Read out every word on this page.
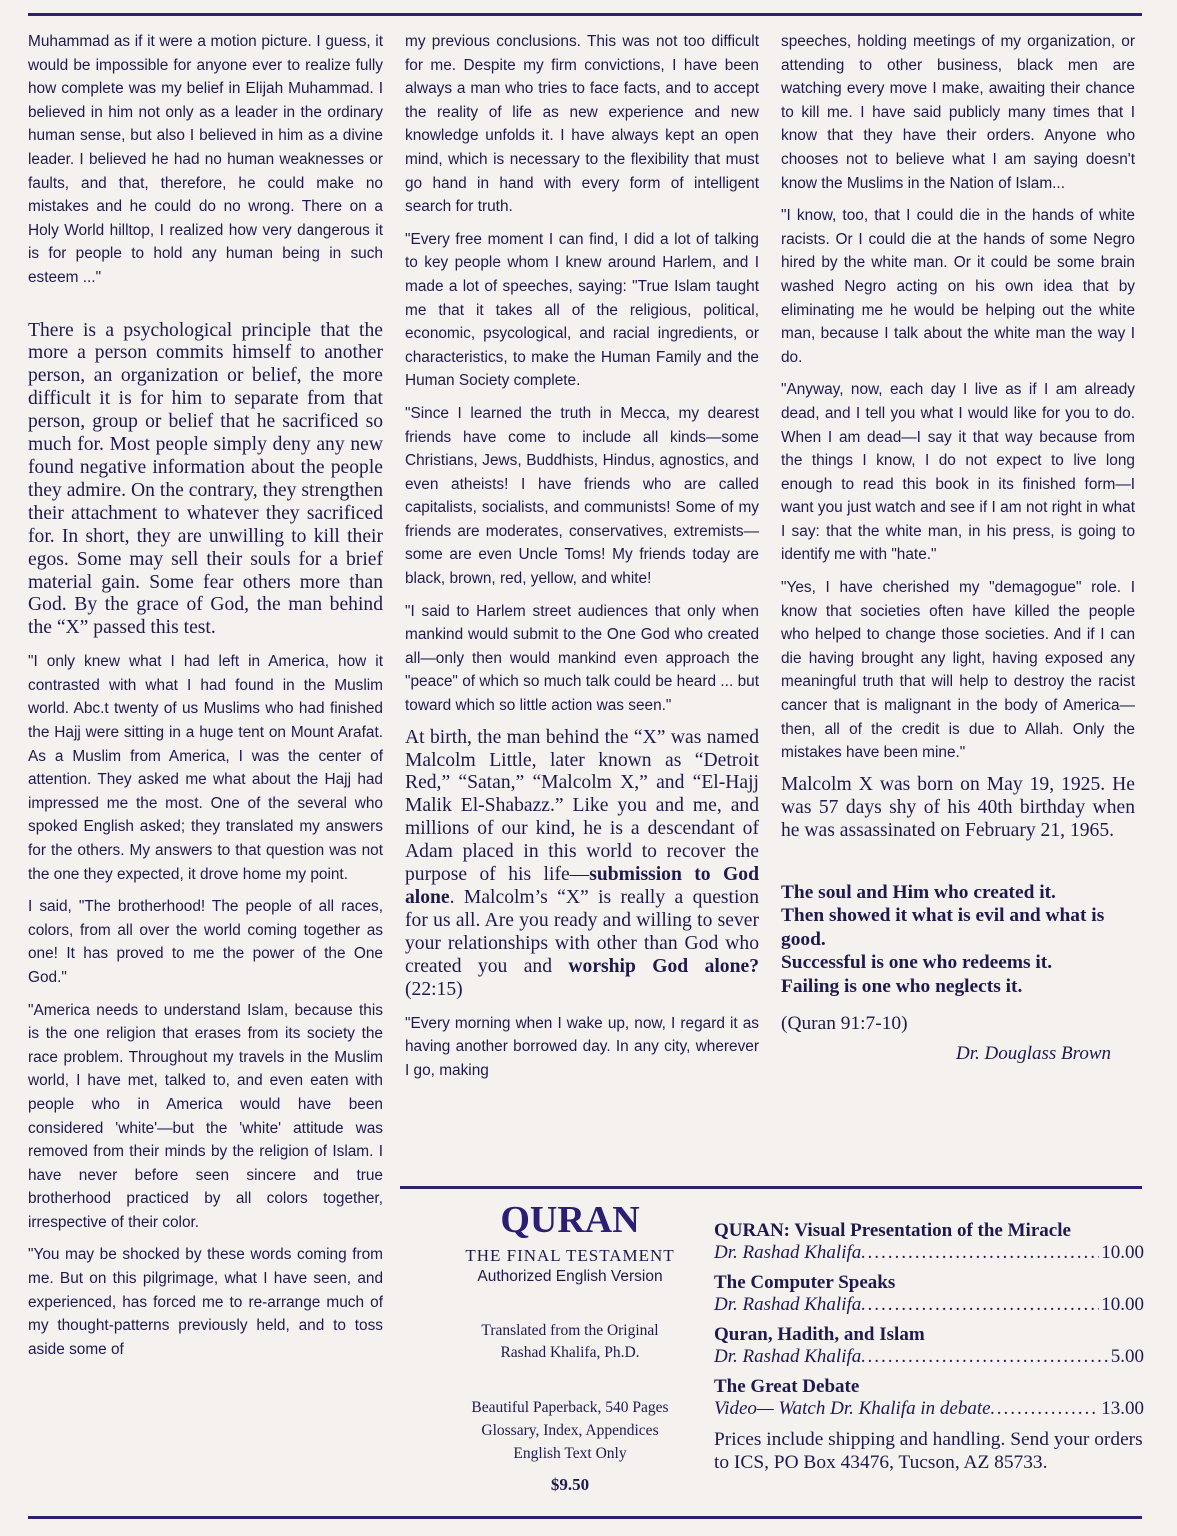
Muhammad as if it were a motion picture. I guess, it would be impossible for anyone ever to realize fully how complete was my belief in Elijah Muhammad. I believed in him not only as a leader in the ordinary human sense, but also I believed in him as a divine leader. I believed he had no human weaknesses or faults, and that, therefore, he could make no mistakes and he could do no wrong. There on a Holy World hilltop, I realized how very dangerous it is for people to hold any human being in such esteem ..."

There is a psychological principle that the more a person commits himself to another person, an organization or belief, the more difficult it is for him to separate from that person, group or belief that he sacrificed so much for. Most people simply deny any new found negative information about the people they admire. On the contrary, they strengthen their attachment to whatever they sacrificed for. In short, they are unwilling to kill their egos. Some may sell their souls for a brief material gain. Some fear others more than God. By the grace of God, the man behind the “X” passed this test.

"I only knew what I had left in America, how it contrasted with what I had found in the Muslim world. Abc.t twenty of us Muslims who had finished the Hajj were sitting in a huge tent on Mount Arafat. As a Muslim from America, I was the center of attention. They asked me what about the Hajj had impressed me the most. One of the several who spoked English asked; they translated my answers for the others. My answers to that question was not the one they expected, it drove home my point.

I said, "The brotherhood! The people of all races, colors, from all over the world coming together as one! It has proved to me the power of the One God."

"America needs to understand Islam, because this is the one religion that erases from its society the race problem. Throughout my travels in the Muslim world, I have met, talked to, and even eaten with people who in America would have been considered 'white'—but the 'white' attitude was removed from their minds by the religion of Islam. I have never before seen sincere and true brotherhood practiced by all colors together, irrespective of their color.

"You may be shocked by these words coming from me. But on this pilgrimage, what I have seen, and experienced, has forced me to re-arrange much of my thought-patterns previously held, and to toss aside some of

my previous conclusions. This was not too difficult for me. Despite my firm convictions, I have been always a man who tries to face facts, and to accept the reality of life as new experience and new knowledge unfolds it. I have always kept an open mind, which is necessary to the flexibility that must go hand in hand with every form of intelligent search for truth.

"Every free moment I can find, I did a lot of talking to key people whom I knew around Harlem, and I made a lot of speeches, saying: "True Islam taught me that it takes all of the religious, political, economic, psycological, and racial ingredients, or characteristics, to make the Human Family and the Human Society complete.

"Since I learned the truth in Mecca, my dearest friends have come to include all kinds—some Christians, Jews, Buddhists, Hindus, agnostics, and even atheists! I have friends who are called capitalists, socialists, and communists! Some of my friends are moderates, conservatives, extremists—some are even Uncle Toms! My friends today are black, brown, red, yellow, and white!

"I said to Harlem street audiences that only when mankind would submit to the One God who created all—only then would mankind even approach the "peace" of which so much talk could be heard ... but toward which so little action was seen."

At birth, the man behind the “X” was named Malcolm Little, later known as “Detroit Red,” “Satan,” “Malcolm X,” and “El-Hajj Malik El-Shabazz.” Like you and me, and millions of our kind, he is a descendant of Adam placed in this world to recover the purpose of his life—submission to God alone. Malcolm’s “X” is really a question for us all. Are you ready and willing to sever your relationships with other than God who created you and worship God alone? (22:15)

"Every morning when I wake up, now, I regard it as having another borrowed day. In any city, wherever I go, making

speeches, holding meetings of my organization, or attending to other business, black men are watching every move I make, awaiting their chance to kill me. I have said publicly many times that I know that they have their orders. Anyone who chooses not to believe what I am saying doesn't know the Muslims in the Nation of Islam...

"I know, too, that I could die in the hands of white racists. Or I could die at the hands of some Negro hired by the white man. Or it could be some brain washed Negro acting on his own idea that by eliminating me he would be helping out the white man, because I talk about the white man the way I do.

"Anyway, now, each day I live as if I am already dead, and I tell you what I would like for you to do. When I am dead—I say it that way because from the things I know, I do not expect to live long enough to read this book in its finished form—I want you just watch and see if I am not right in what I say: that the white man, in his press, is going to identify me with "hate."

"Yes, I have cherished my "demagogue" role. I know that societies often have killed the people who helped to change those societies. And if I can die having brought any light, having exposed any meaningful truth that will help to destroy the racist cancer that is malignant in the body of America—then, all of the credit is due to Allah. Only the mistakes have been mine."

Malcolm X was born on May 19, 1925. He was 57 days shy of his 40th birthday when he was assassinated on February 21, 1965.

The soul and Him who created it.

Then showed it what is evil and what is good.

Successful is one who redeems it.

Failing is one who neglects it.

(Quran 91:7-10)
Dr. Douglass Brown
QURAN
THE FINAL TESTAMENT
Authorized English Version
Translated from the Original
Rashad Khalifa, Ph.D.
Beautiful Paperback, 540 Pages
Glossary, Index, Appendices
English Text Only
$9.50
QURAN: Visual Presentation of the Miracle
Dr. Rashad Khalifa .....	10.00
The Computer Speaks
Dr. Rashad Khalifa .....	10.00
Quran, Hadith, and Islam
Dr. Rashad Khalifa .....	5.00
The Great Debate
Video— Watch Dr. Khalifa in debate .....	13.00
Prices include shipping and handling. Send your orders to ICS, PO Box 43476, Tucson, AZ 85733.
